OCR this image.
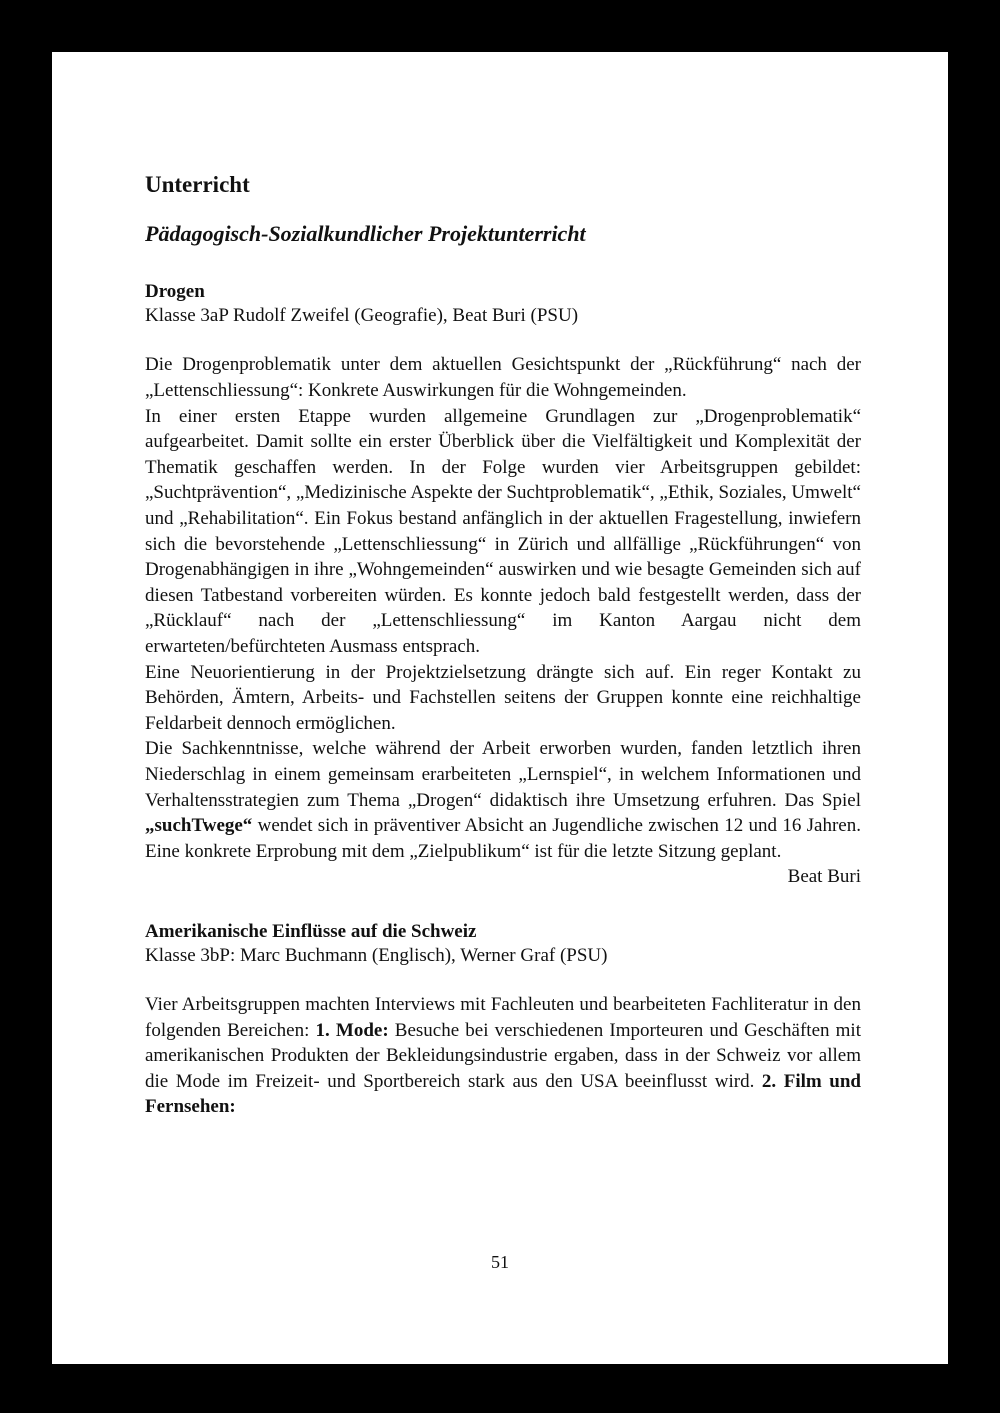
Unterricht
Pädagogisch-Sozialkundlicher Projektunterricht

Drogen

Klasse 3aP Rudolf Zweifel (Geografie), Beat Buri (PSU)

Die Drogenproblematik unter dem aktuellen Gesichtspunkt der „Rückführung“ nach der „Lettenschliessung“: Konkrete Auswirkungen für die Wohngemeinden.

In einer ersten Etappe wurden allgemeine Grundlagen zur „Drogenproblematik“ aufgearbeitet. Damit sollte ein erster Überblick über die Vielfältigkeit und Komplexität der Thematik geschaffen werden. In der Folge wurden vier Arbeitsgruppen gebildet: „Suchtprävention“, „Medizinische Aspekte der Suchtproblematik“, „Ethik, Soziales, Umwelt“ und „Rehabilitation“. Ein Fokus bestand anfänglich in der aktuellen Fragestellung, inwiefern sich die bevorstehende „Lettenschliessung“ in Zürich und allfällige „Rückführungen“ von Drogenabhängigen in ihre „Wohngemeinden“ auswirken und wie besagte Gemeinden sich auf diesen Tatbestand vorbereiten würden. Es konnte jedoch bald festgestellt werden, dass der „Rücklauf“ nach der „Lettenschliessung“ im Kanton Aargau nicht dem erwarteten/befürchteten Ausmass entsprach.

Eine Neuorientierung in der Projektzielsetzung drängte sich auf. Ein reger Kontakt zu Behörden, Ämtern, Arbeits- und Fachstellen seitens der Gruppen konnte eine reichhaltige Feldarbeit dennoch ermöglichen.

Die Sachkenntnisse, welche während der Arbeit erworben wurden, fanden letztlich ihren Niederschlag in einem gemeinsam erarbeiteten „Lernspiel“, in welchem Informationen und Verhaltensstrategien zum Thema „Drogen“ didaktisch ihre Umsetzung erfuhren. Das Spiel „suchTwege“ wendet sich in präventiver Absicht an Jugendliche zwischen 12 und 16 Jahren. Eine konkrete Erprobung mit dem „Zielpublikum“ ist für die letzte Sitzung geplant.

Beat Buri

Amerikanische Einflüsse auf die Schweiz

Klasse 3bP: Marc Buchmann (Englisch), Werner Graf (PSU)

Vier Arbeitsgruppen machten Interviews mit Fachleuten und bearbeiteten Fachliteratur in den folgenden Bereichen: 1. Mode: Besuche bei verschiedenen Importeuren und Geschäften mit amerikanischen Produkten der Bekleidungsindustrie ergaben, dass in der Schweiz vor allem die Mode im Freizeit- und Sportbereich stark aus den USA beeinflusst wird. 2. Film und Fernsehen:

51
